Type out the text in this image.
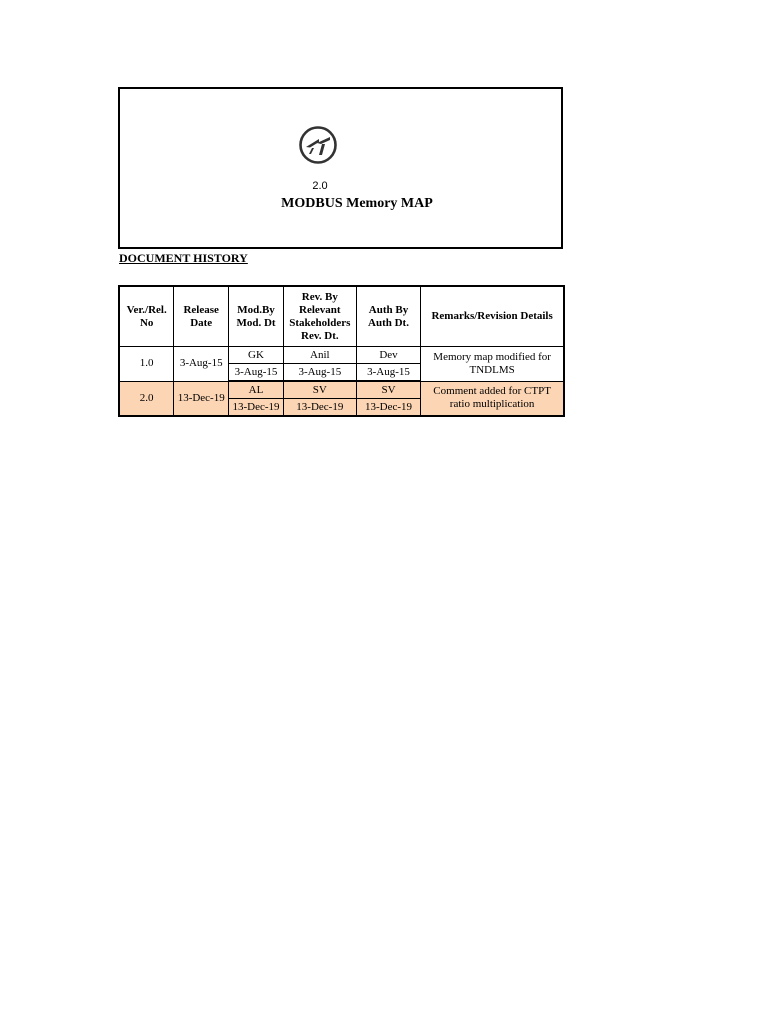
2.0
MODBUS Memory MAP
DOCUMENT HISTORY
Ver./Rel. No	Release Date	Mod.By Mod. Dt	Rev. By Relevant Stakeholders Rev. Dt.	Auth By Auth Dt.	Remarks/Revision Details
1.0	3-Aug-15	GK	Anil	Dev	Memory map modified for TNDLMS
		3-Aug-15	3-Aug-15	3-Aug-15	
2.0	13-Dec-19	AL	SV	SV	Comment added for CTPT ratio multiplication
		13-Dec-19	13-Dec-19	13-Dec-19	
